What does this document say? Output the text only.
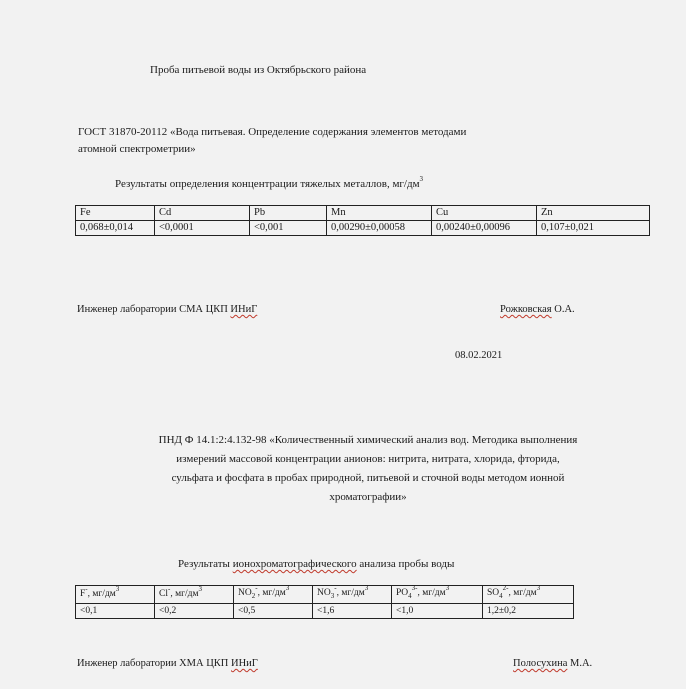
Проба питьевой воды из Октябрьского района
ГОСТ 31870-20112 «Вода питьевая. Определение содержания элементов методами
атомной спектрометрии»
Результаты определения концентрации тяжелых металлов, $мг/дм^3$
Fe	Cd	Pb	Mn	Cu	Zn
0,068±0,014	<0,0001	<0,001	0,00290±0,00058	0,00240±0,00096	0,107±0,021
Инженер лаборатории СМА ЦКП ИНиГ	Рожковская О.А.
08.02.2021
ПНД Ф 14.1:2:4.132-98 «Количественный химический анализ вод. Методика выполнения
измерений массовой концентрации анионов: нитрита, нитрата, хлорида, фторида,
сульфата и фосфата в пробах природной, питьевой и сточной воды методом ионной
хроматографии»
Результаты ионохроматографического анализа пробы воды
F-, $мг/дм^3$	Cl-, $мг/дм^3$	$NO_2^-$, $мг/дм^3$	$NO_3^-$, $мг/дм^3$	$PO_4^{3-}$, $мг/дм^3$	$SO_4^{2-}$, $мг/дм^3$
<0,1	<0,2	<0,5	<1,6	<1,0	1,2±0,2
Инженер лаборатории ХМА ЦКП ИНиГ	Полосухина М.А.
